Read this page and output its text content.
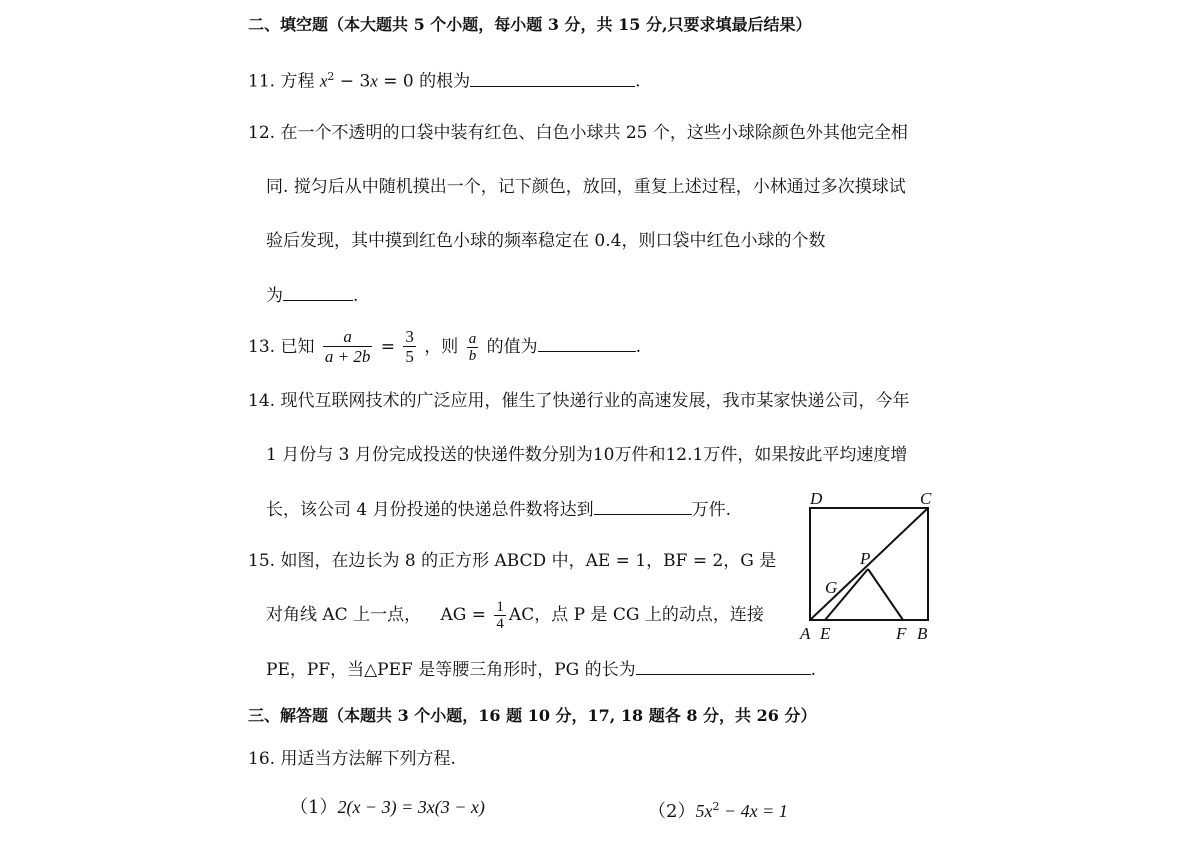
二、填空题（本大题共 5 个小题，每小题 3 分，共 15 分,只要求填最后结果）
11. 方程 $x^2 - 3x = 0$ 的根为	.
12. 在一个不透明的口袋中装有红色、白色小球共 25 个，这些小球除颜色外其他完全相
同. 搅匀后从中随机摸出一个，记下颜色，放回，重复上述过程，小林通过多次摸球试
验后发现，其中摸到红色小球的频率稳定在 0.4，则口袋中红色小球的个数
为	.
13. 已知 $\frac{a}{a + 2b} = \frac{3}{5}$ ，则 $\frac{a}{b}$ 的值为	.
14. 现代互联网技术的广泛应用，催生了快递行业的高速发展，我市某家快递公司，今年
1 月份与 3 月份完成投送的快递件数分别为10万件和12.1万件，如果按此平均速度增
长，该公司 4 月份投递的快递总件数将达到	万件.
15. 如图，在边长为 8 的正方形 ABCD 中，AE = 1，BF = 2，G 是
对角线 AC 上一点， AG = $\frac{1}{4}$ AC，点 P 是 CG 上的动点，连接
PE，PF，当△PEF 是等腰三角形时，PG 的长为	.
D	C
A E	F B
G
P
三、解答题（本题共 3 个小题，16 题 10 分，17, 18 题各 8 分，共 26 分）
16. 用适当方法解下列方程.
（1）2(x − 3) = 3x(3 − x)	$(2)5x^2 - 4x = 1$
